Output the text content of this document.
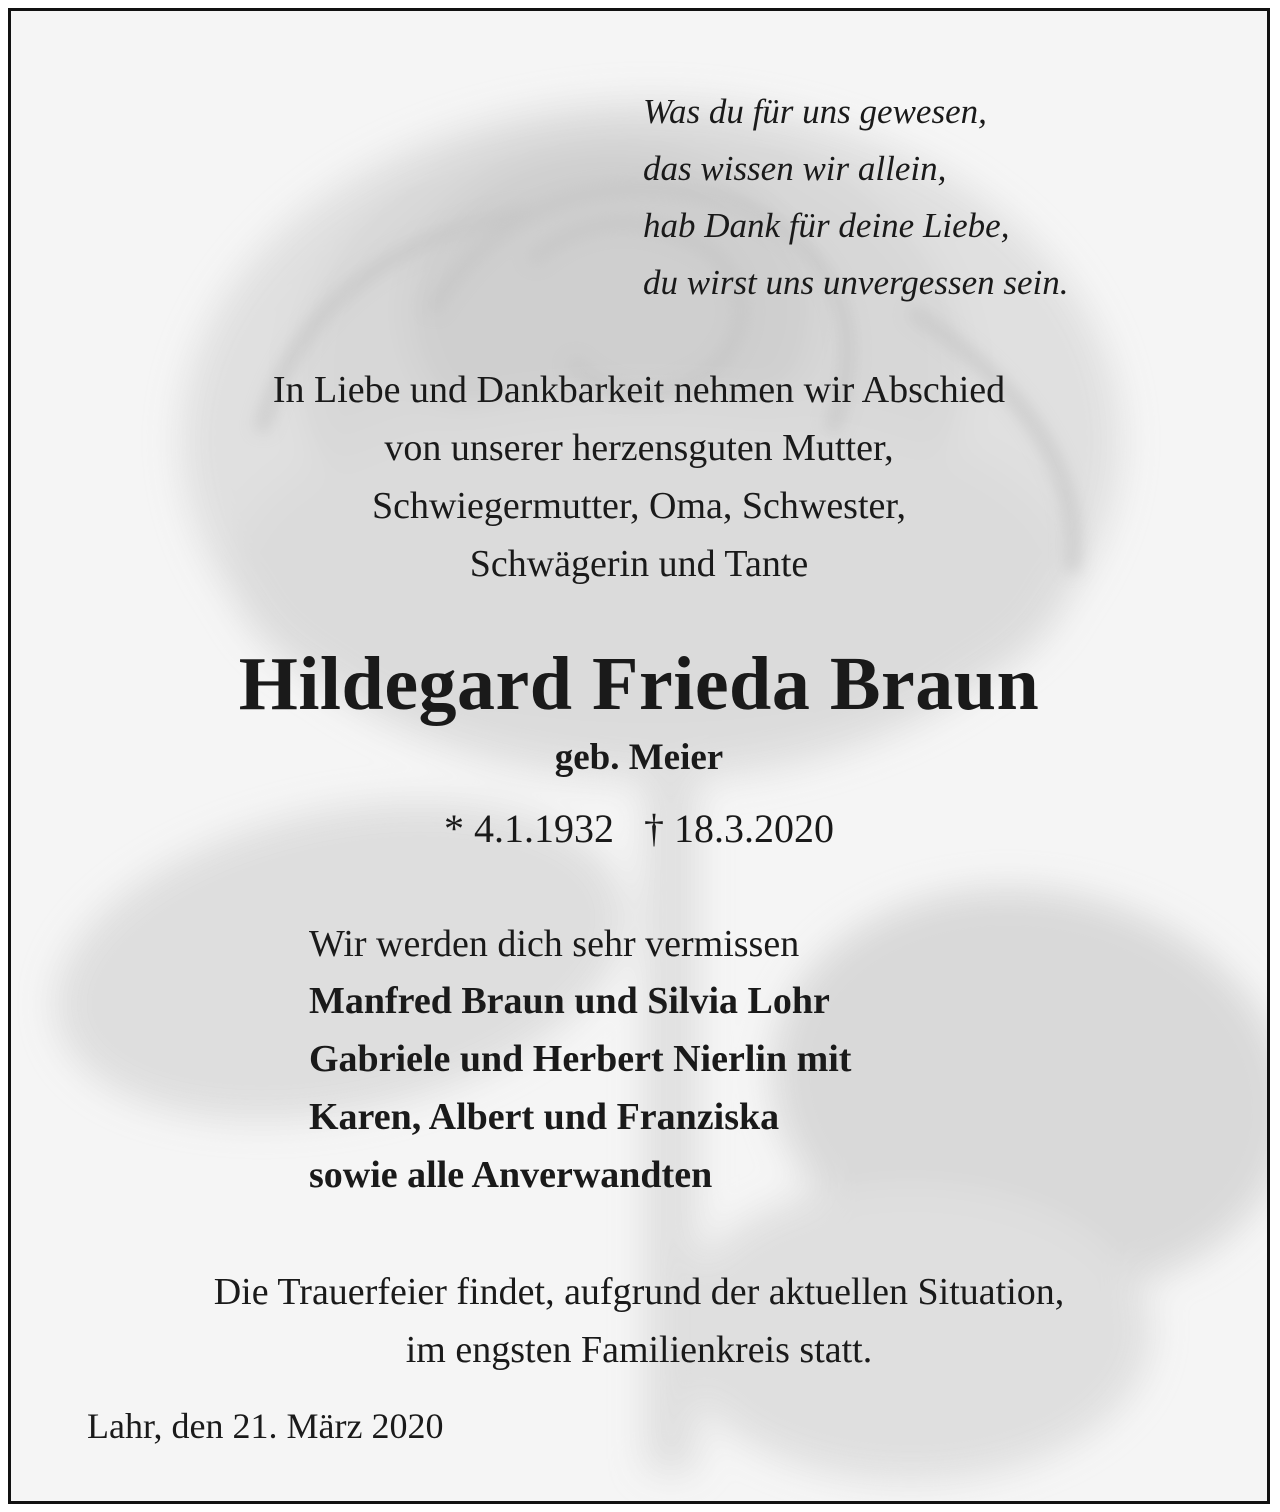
Was du für uns gewesen,
das wissen wir allein,
hab Dank für deine Liebe,
du wirst uns unvergessen sein.
In Liebe und Dankbarkeit nehmen wir Abschied
von unserer herzensguten Mutter,
Schwiegermutter, Oma, Schwester,
Schwägerin und Tante
Hildegard Frieda Braun
geb. Meier
* 4.1.1932 † 18.3.2020
Wir werden dich sehr vermissen
Manfred Braun und Silvia Lohr
Gabriele und Herbert Nierlin mit
Karen, Albert und Franziska
sowie alle Anverwandten
Die Trauerfeier findet, aufgrund der aktuellen Situation,
im engsten Familienkreis statt.
Lahr, den 21. März 2020
